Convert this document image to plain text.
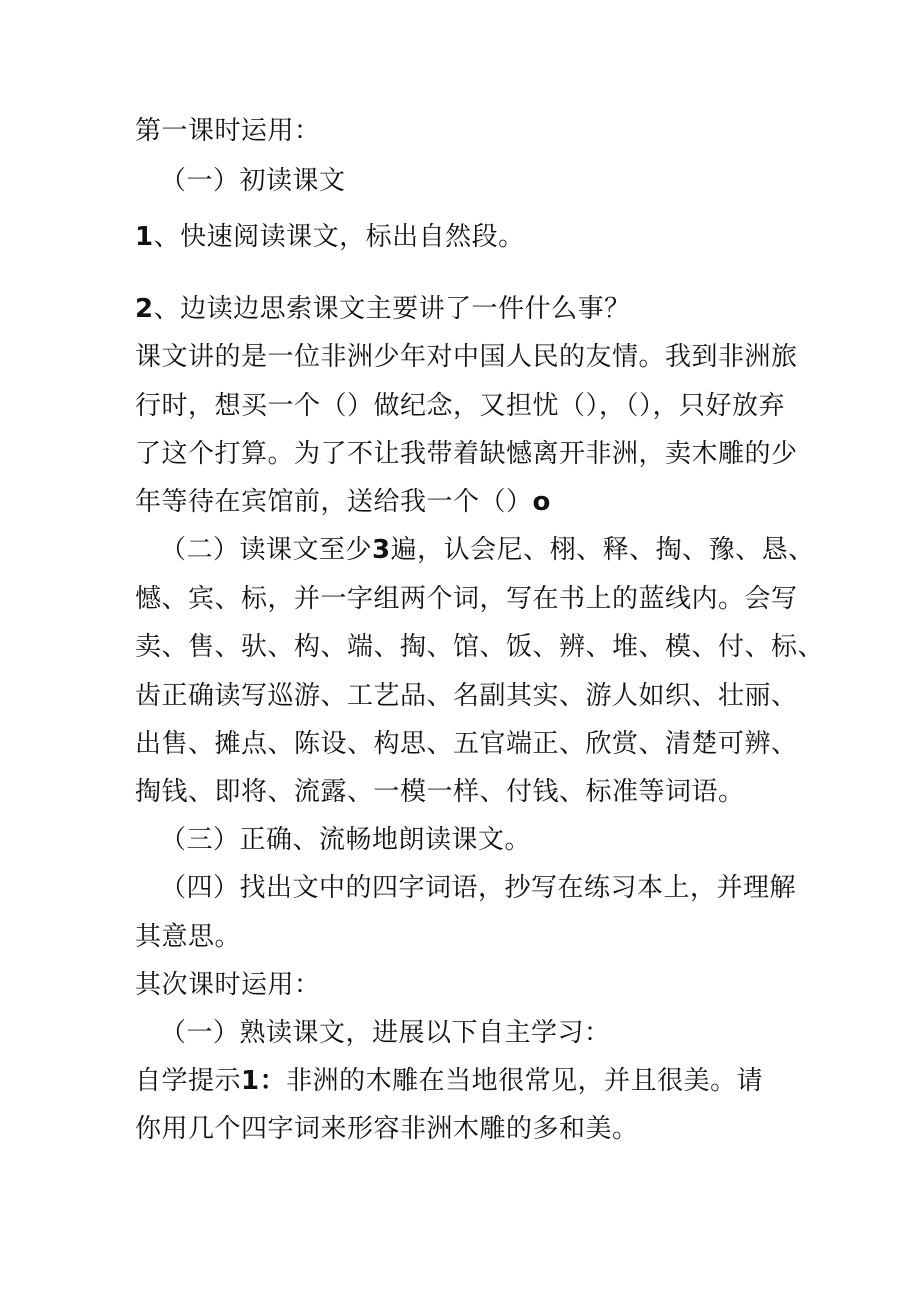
第一课时运用：
（一）初读课文
1、快速阅读课文，标出自然段。
2、边读边思索课文主要讲了一件什么事？
课文讲的是一位非洲少年对中国人民的友情。我到非洲旅
行时，想买一个（）做纪念，又担忧（），（），只好放弃
了这个打算。为了不让我带着缺憾离开非洲，卖木雕的少
年等待在宾馆前，送给我一个（）o
（二）读课文至少3遍，认会尼、栩、释、掏、豫、恳、
憾、宾、标，并一字组两个词，写在书上的蓝线内。会写
卖、售、驮、构、端、掏、馆、饭、辨、堆、模、付、标、
齿正确读写巡游、工艺品、名副其实、游人如织、壮丽、
出售、摊点、陈设、构思、五官端正、欣赏、清楚可辨、
掏钱、即将、流露、一模一样、付钱、标准等词语。
（三）正确、流畅地朗读课文。
（四）找出文中的四字词语，抄写在练习本上，并理解
其意思。
其次课时运用：
（一）熟读课文，进展以下自主学习：
自学提示1：非洲的木雕在当地很常见，并且很美。请
你用几个四字词来形容非洲木雕的多和美。
